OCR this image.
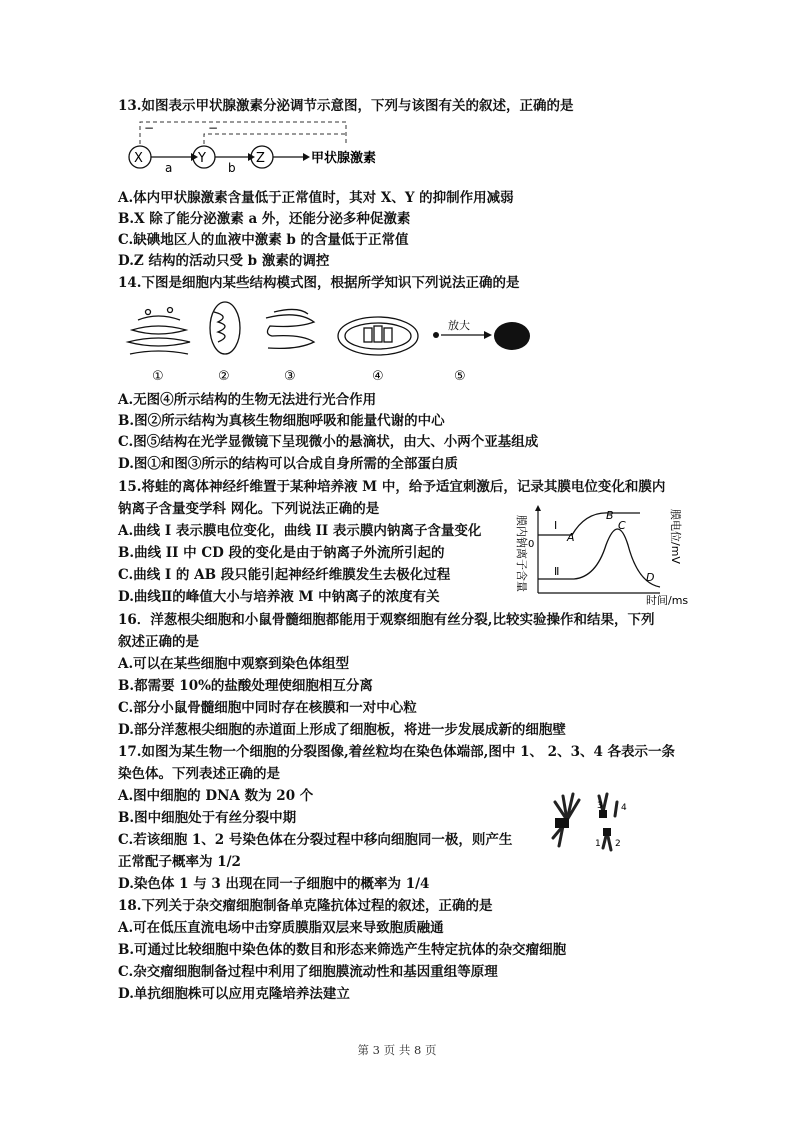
13.如图表示甲状腺激素分泌调节示意图，下列与该图有关的叙述，正确的是
−	−
X
a
Y
b
Z	甲状腺激素
A.体内甲状腺激素含量低于正常值时，其对 X、Y 的抑制作用减弱
B.X 除了能分泌激素 a 外，还能分泌多种促激素
C.缺碘地区人的血液中激素 b 的含量低于正常值
D.Z 结构的活动只受 b 激素的调控
14.下图是细胞内某些结构模式图，根据所学知识下列说法正确的是
放大
①	②	③	④	⑤
A.无图④所示结构的生物无法进行光合作用
B.图②所示结构为真核生物细胞呼吸和能量代谢的中心
C.图⑤结构在光学显微镜下呈现微小的悬滴状，由大、小两个亚基组成
D.图①和图③所示的结构可以合成自身所需的全部蛋白质
15.将蛙的离体神经纤维置于某种培养液 M 中，给予适宜刺激后，记录其膜电位变化和膜内
钠离子含量变学科 网化。下列说法正确的是
A.曲线 I 表示膜电位变化，曲线 II 表示膜内钠离子含量变化
B.曲线 II 中 CD 段的变化是由于钠离子外流所引起的
C.曲线 I 的 AB 段只能引起神经纤维膜发生去极化过程
D.曲线Ⅱ的峰值大小与培养液 M 中钠离子的浓度有关
膜内钠离子含量	膜电位/mV
时间/ms
0
Ⅰ
Ⅱ
A
B
C
D
16．洋葱根尖细胞和小鼠骨髓细胞都能用于观察细胞有丝分裂,比较实验操作和结果，下列
叙述正确的是
A.可以在某些细胞中观察到染色体组型
B.都需要 10%的盐酸处理使细胞相互分离
C.部分小鼠骨髓细胞中同时存在核膜和一对中心粒
D.部分洋葱根尖细胞的赤道面上形成了细胞板，将进一步发展成新的细胞壁
17.如图为某生物一个细胞的分裂图像,着丝粒均在染色体端部,图中 1、 2、3、4 各表示一条
染色体。下列表述正确的是
A.图中细胞的 DNA 数为 20 个
B.图中细胞处于有丝分裂中期
C.若该细胞 1、2 号染色体在分裂过程中移向细胞同一极，则产生
正常配子概率为 1/2
D.染色体 1 与 3 出现在同一子细胞中的概率为 1/4
1 2
3 4
18.下列关于杂交瘤细胞制备单克隆抗体过程的叙述，正确的是
A.可在低压直流电场中击穿质膜脂双层来导致胞质融通
B.可通过比较细胞中染色体的数目和形态来筛选产生特定抗体的杂交瘤细胞
C.杂交瘤细胞制备过程中利用了细胞膜流动性和基因重组等原理
D.单抗细胞株可以应用克隆培养法建立
第 3 页 共 8 页
